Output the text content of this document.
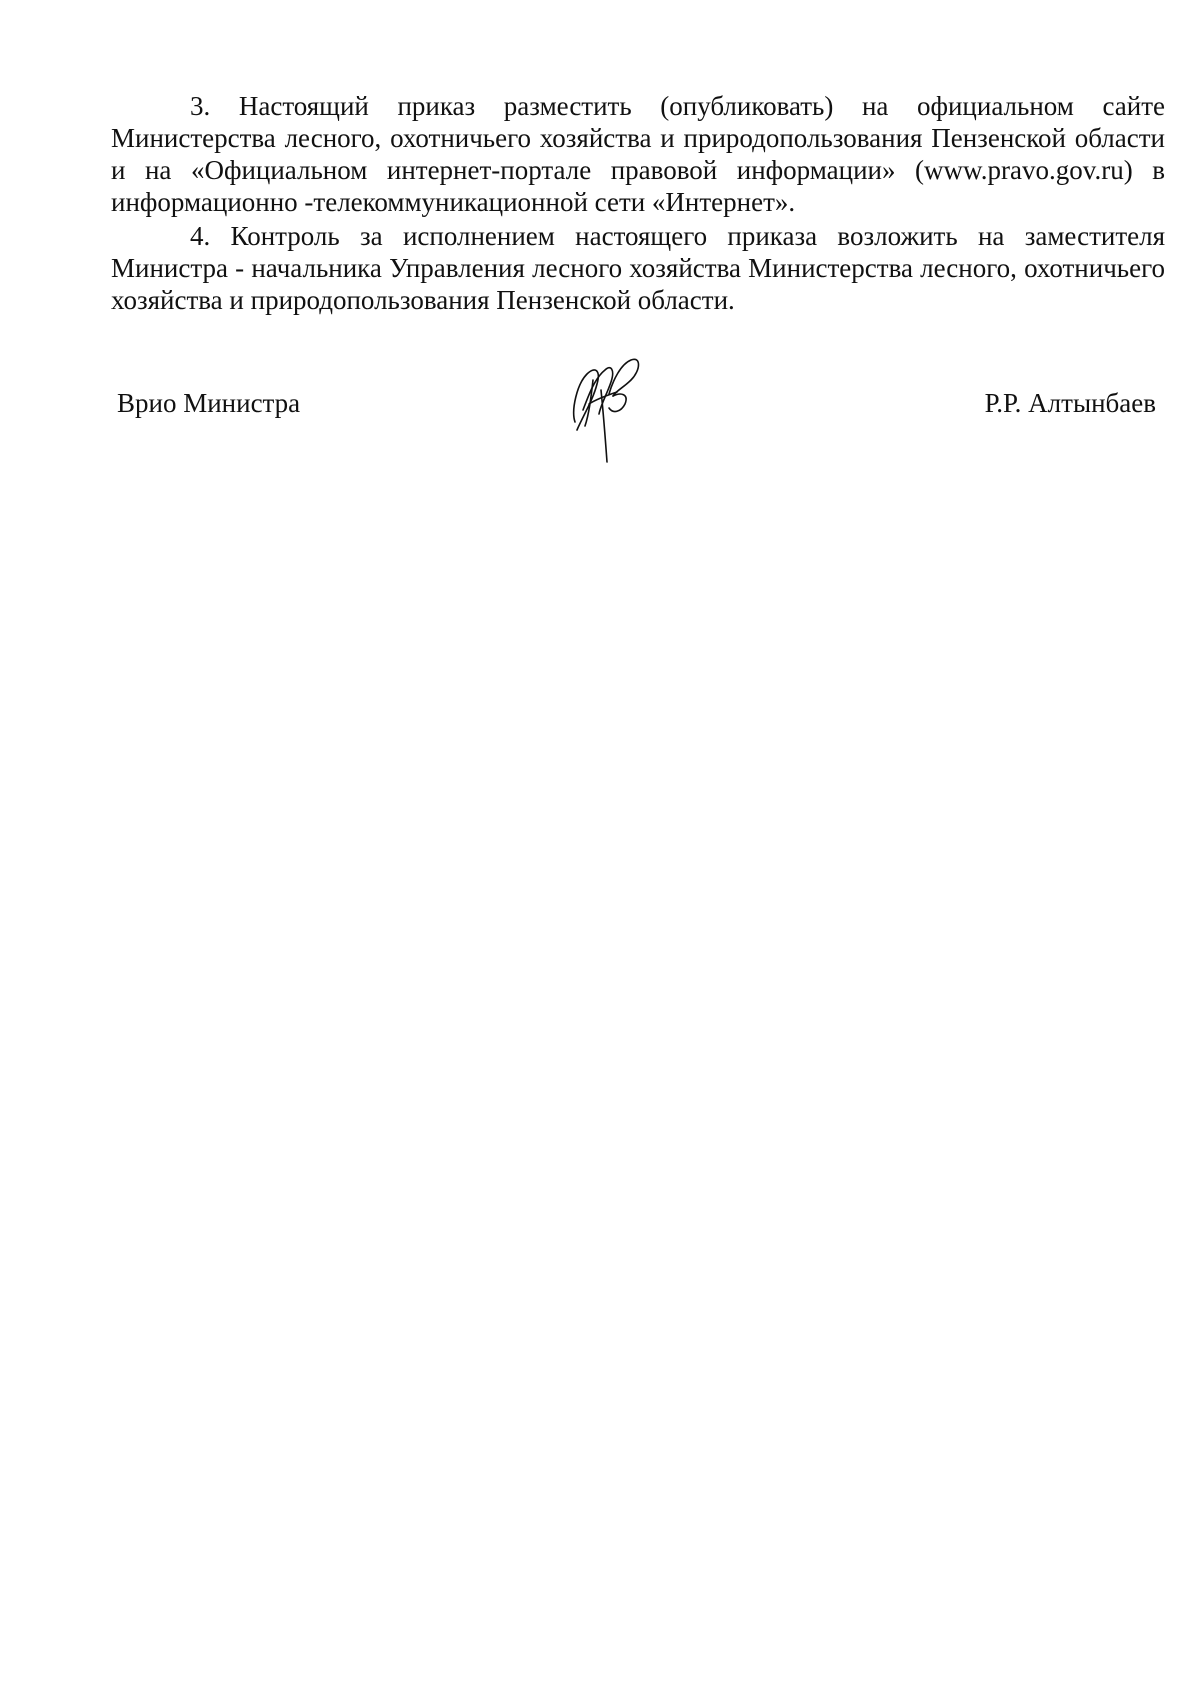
3. Настоящий приказ разместить (опубликовать) на официальном сайте Министерства лесного, охотничьего хозяйства и природопользования Пензенской области и на «Официальном интернет-портале правовой информации» (www.pravo.gov.ru) в информационно -телекоммуникационной сети «Интернет».

4. Контроль за исполнением настоящего приказа возложить на заместителя Министра - начальника Управления лесного хозяйства Министерства лесного, охотничьего хозяйства и природопользования Пензенской области.

Врио Министра	Р.Р. Алтынбаев
